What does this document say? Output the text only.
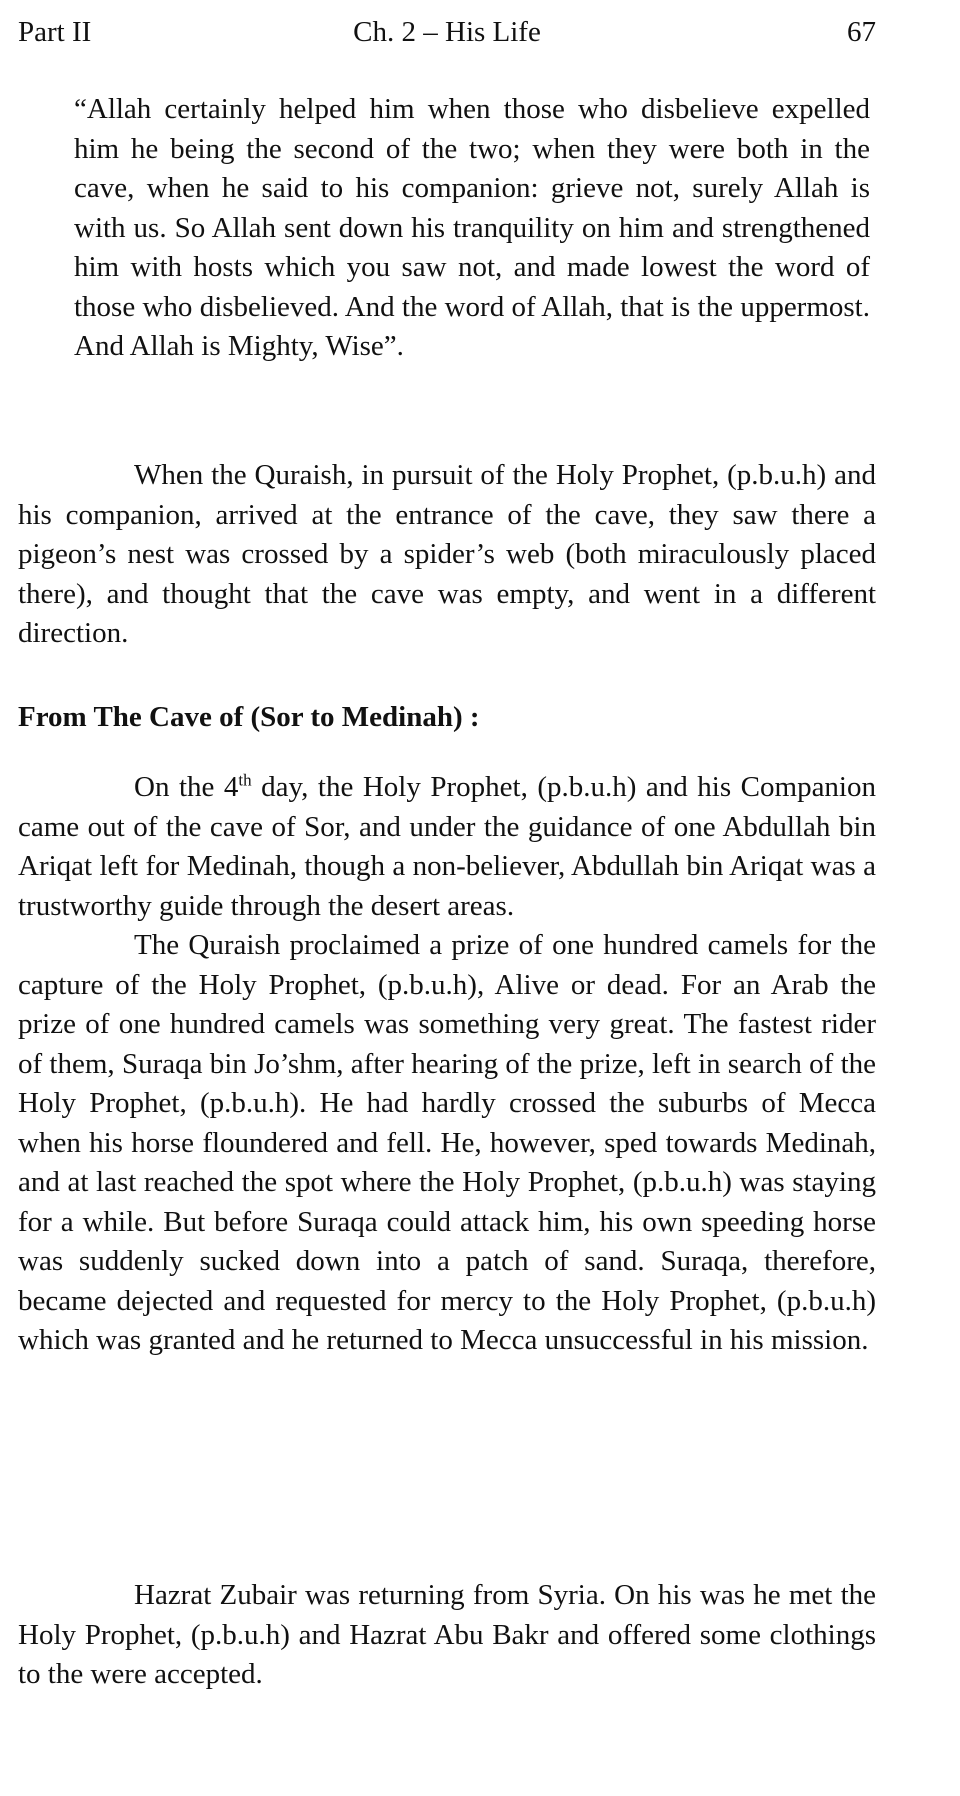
Part II	Ch. 2 – His Life	67
“Allah certainly helped him when those who disbelieve expelled him he being the second of the two; when they were both in the cave, when he said to his companion: grieve not, surely Allah is with us. So Allah sent down his tranquility on him and strengthened him with hosts which you saw not, and made lowest the word of those who disbelieved. And the word of Allah, that is the uppermost. And Allah is Mighty, Wise”.
When the Quraish, in pursuit of the Holy Prophet, (p.b.u.h) and his companion, arrived at the entrance of the cave, they saw there a pigeon’s nest was crossed by a spider’s web (both miraculously placed there), and thought that the cave was empty, and went in a different direction.
From The Cave of (Sor to Medinah) :

On the 4th day, the Holy Prophet, (p.b.u.h) and his Companion came out of the cave of Sor, and under the guidance of one Abdullah bin Ariqat left for Medinah, though a non-believer, Abdullah bin Ariqat was a trustworthy guide through the desert areas.

The Quraish proclaimed a prize of one hundred camels for the capture of the Holy Prophet, (p.b.u.h), Alive or dead. For an Arab the prize of one hundred camels was something very great. The fastest rider of them, Suraqa bin Jo’shm, after hearing of the prize, left in search of the Holy Prophet, (p.b.u.h). He had hardly crossed the suburbs of Mecca when his horse floundered and fell. He, however, sped towards Medinah, and at last reached the spot where the Holy Prophet, (p.b.u.h) was staying for a while. But before Suraqa could attack him, his own speeding horse was suddenly sucked down into a patch of sand. Suraqa, therefore, became dejected and requested for mercy to the Holy Prophet, (p.b.u.h) which was granted and he returned to Mecca unsuccessful in his mission.

Hazrat Zubair was returning from Syria. On his was he met the Holy Prophet, (p.b.u.h) and Hazrat Abu Bakr and offered some clothings to the were accepted.
